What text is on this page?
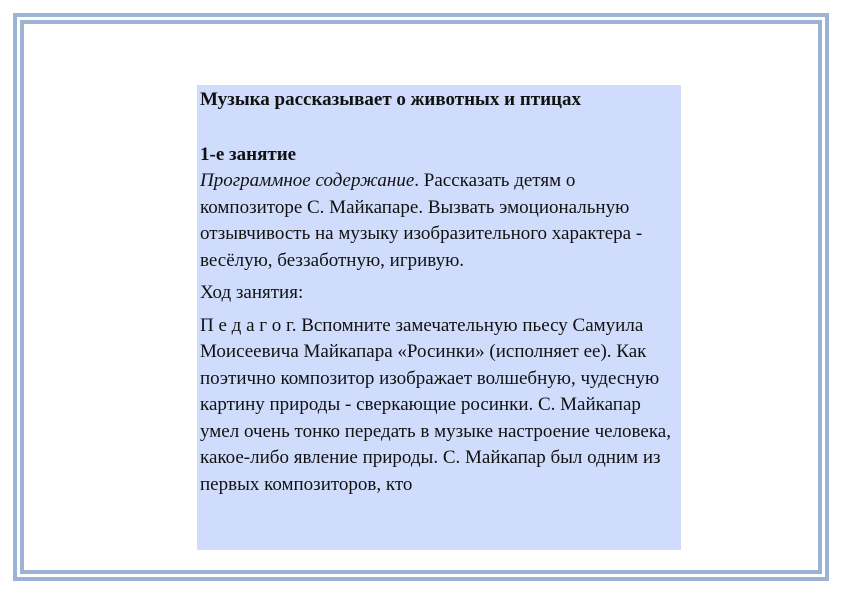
Музыка рассказывает о животных и птицах

1-е занятие

Программное содержание. Рассказать детям о композиторе С. Майкапаре. Вызвать эмоциональную отзывчивость на музыку изобразительного характера - весёлую, беззаботную, игривую.

Ход занятия:

П е д а г о г. Вспомните замечательную пьесу Самуила Моисеевича Майкапара «Росинки» (исполняет ее). Как поэтично композитор изображает волшебную, чудесную картину природы - сверкающие росинки. С. Майкапар умел очень тонко передать в музыке настроение человека, какое-либо явление природы. С. Майкапар был одним из первых композиторов, кто
